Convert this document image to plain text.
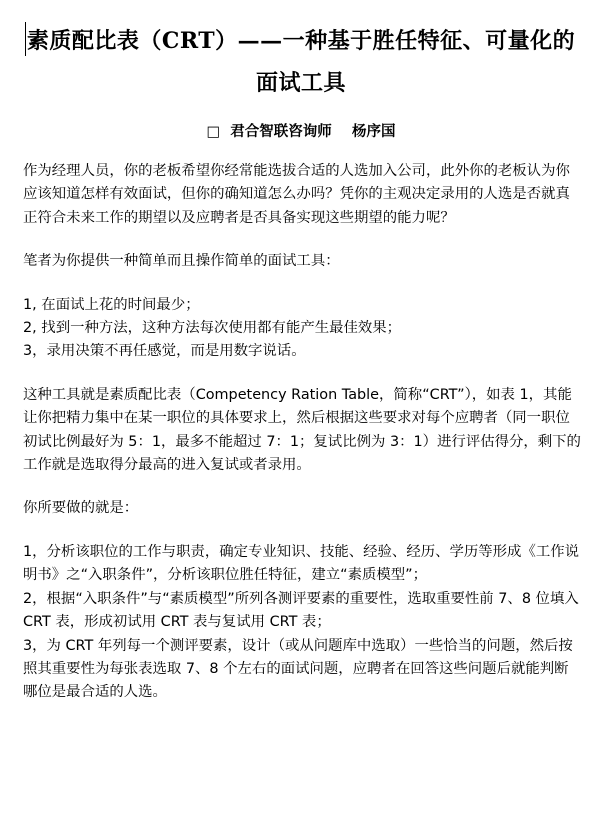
素质配比表（CRT）——一种基于胜任特征、可量化的面试工具
□  君合智联咨询师    杨序国

作为经理人员，你的老板希望你经常能选拔合适的人选加入公司，此外你的老板认为你应该知道怎样有效面试，但你的确知道怎么办吗？凭你的主观决定录用的人选是否就真正符合未来工作的期望以及应聘者是否具备实现这些期望的能力呢？

笔者为你提供一种简单而且操作简单的面试工具：

1, 在面试上花的时间最少；

2, 找到一种方法，这种方法每次使用都有能产生最佳效果；

3，录用决策不再任感觉，而是用数字说话。

这种工具就是素质配比表（Competency Ration Table，简称“CRT”），如表 1，其能让你把精力集中在某一职位的具体要求上，然后根据这些要求对每个应聘者（同一职位初试比例最好为 5：1，最多不能超过 7：1；复试比例为 3：1）进行评估得分，剩下的工作就是选取得分最高的进入复试或者录用。

你所要做的就是：

1，分析该职位的工作与职责，确定专业知识、技能、经验、经历、学历等形成《工作说明书》之“入职条件”，分析该职位胜任特征，建立“素质模型”；

2，根据“入职条件”与“素质模型”所列各测评要素的重要性，选取重要性前 7、8 位填入 CRT 表，形成初试用 CRT 表与复试用 CRT 表；

3，为 CRT 年列每一个测评要素，设计（或从问题库中选取）一些恰当的问题，然后按照其重要性为每张表选取 7、8 个左右的面试问题，应聘者在回答这些问题后就能判断哪位是最合适的人选。
